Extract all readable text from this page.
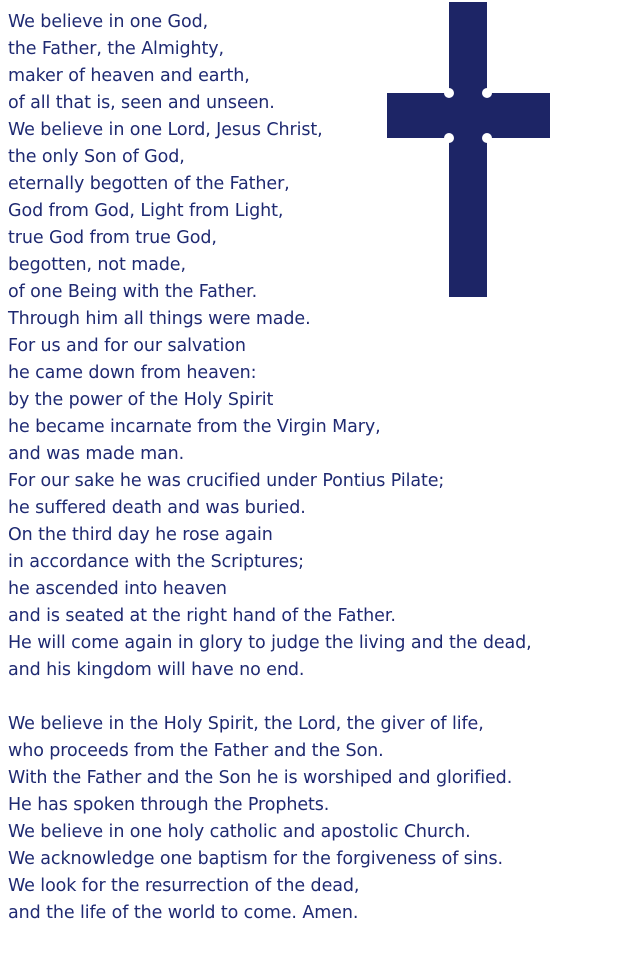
We believe in one God,
the Father, the Almighty,
maker of heaven and earth,
of all that is, seen and unseen.
We believe in one Lord, Jesus Christ,
the only Son of God,
eternally begotten of the Father,
God from God, Light from Light,
true God from true God,
begotten, not made,
of one Being with the Father.
Through him all things were made.
For us and for our salvation
he came down from heaven:
by the power of the Holy Spirit
he became incarnate from the Virgin Mary,
and was made man.
For our sake he was crucified under Pontius Pilate;
he suffered death and was buried.
On the third day he rose again
in accordance with the Scriptures;
he ascended into heaven
and is seated at the right hand of the Father.
He will come again in glory to judge the living and the dead,
and his kingdom will have no end.
We believe in the Holy Spirit, the Lord, the giver of life,
who proceeds from the Father and the Son.
With the Father and the Son he is worshiped and glorified.
He has spoken through the Prophets.
We believe in one holy catholic and apostolic Church.
We acknowledge one baptism for the forgiveness of sins.
We look for the resurrection of the dead,
and the life of the world to come. Amen.
